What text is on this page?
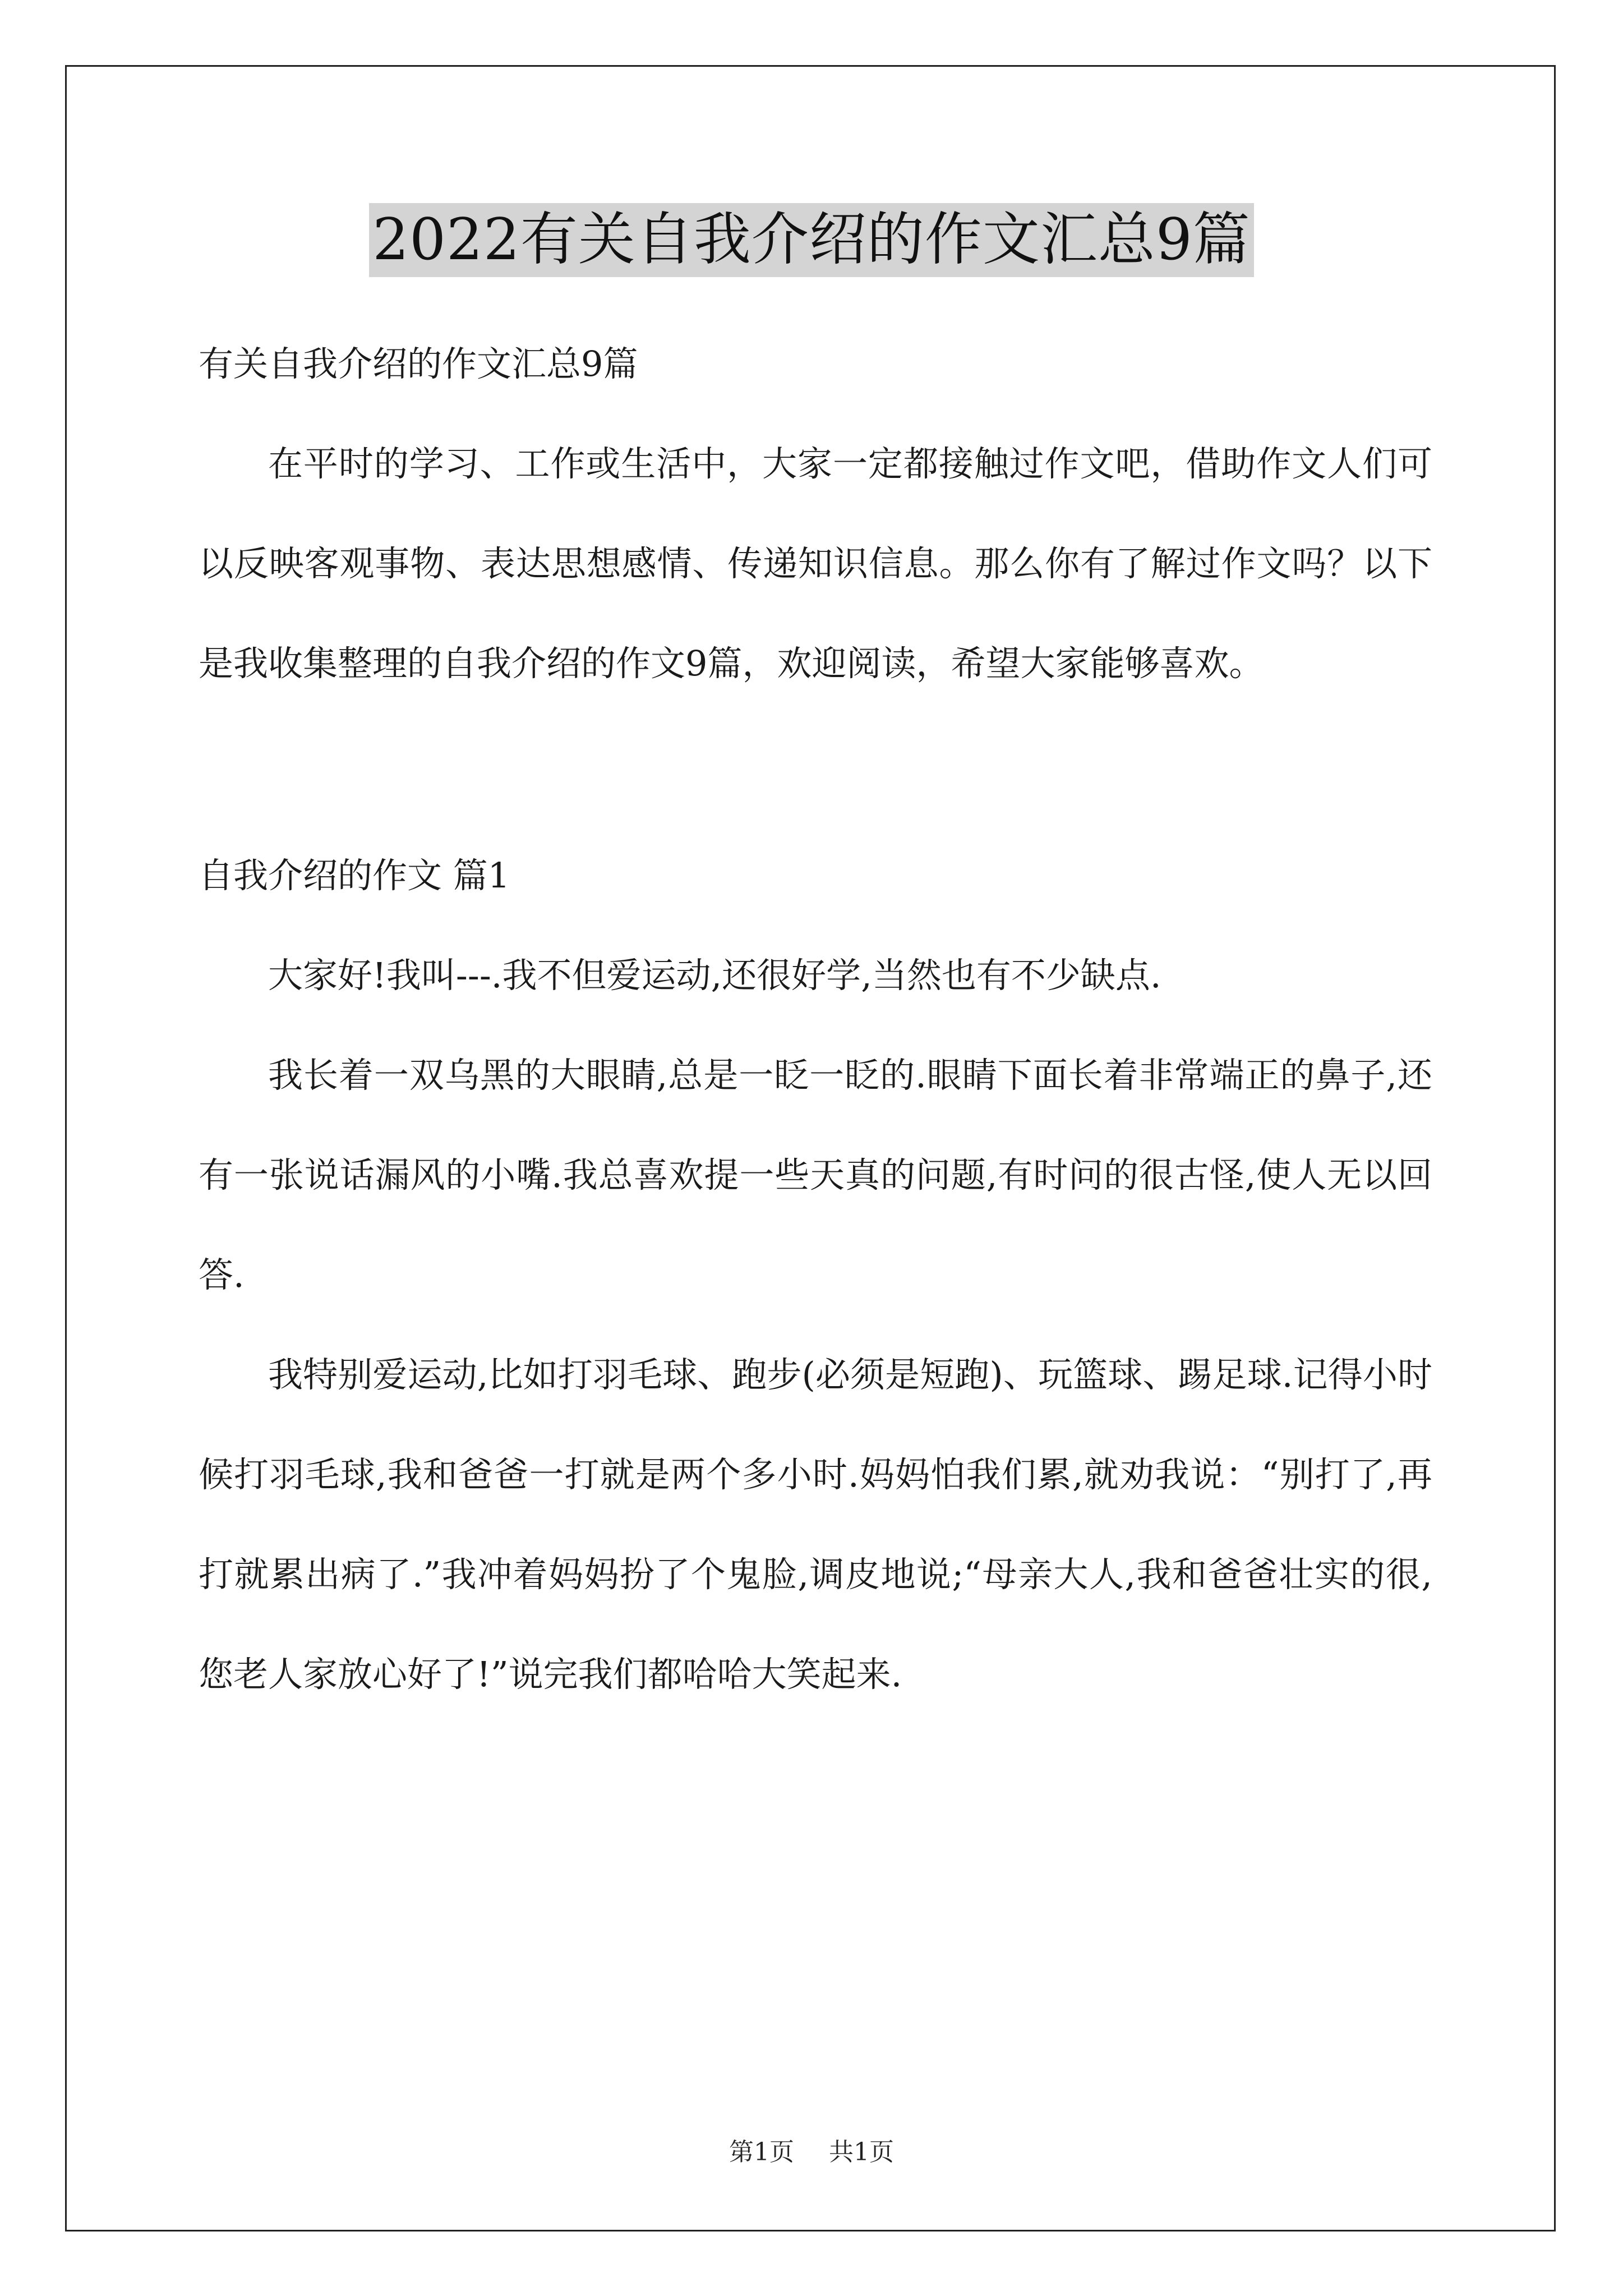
2022有关自我介绍的作文汇总9篇

有关自我介绍的作文汇总9篇

在平时的学习、工作或生活中，大家一定都接触过作文吧，借助作文人们可以反映客观事物、表达思想感情、传递知识信息。那么你有了解过作文吗？以下是我收集整理的自我介绍的作文9篇，欢迎阅读，希望大家能够喜欢。

自我介绍的作文 篇1

大家好!我叫---.我不但爱运动,还很好学,当然也有不少缺点.

我长着一双乌黑的大眼睛,总是一眨一眨的.眼睛下面长着非常端正的鼻子,还有一张说话漏风的小嘴.我总喜欢提一些天真的问题,有时问的很古怪,使人无以回答.

我特别爱运动,比如打羽毛球、跑步(必须是短跑)、玩篮球、踢足球.记得小时候打羽毛球,我和爸爸一打就是两个多小时.妈妈怕我们累,就劝我说：“别打了,再打就累出病了.”我冲着妈妈扮了个鬼脸,调皮地说;“母亲大人,我和爸爸壮实的很,您老人家放心好了!”说完我们都哈哈大笑起来.

第1页 共1页
